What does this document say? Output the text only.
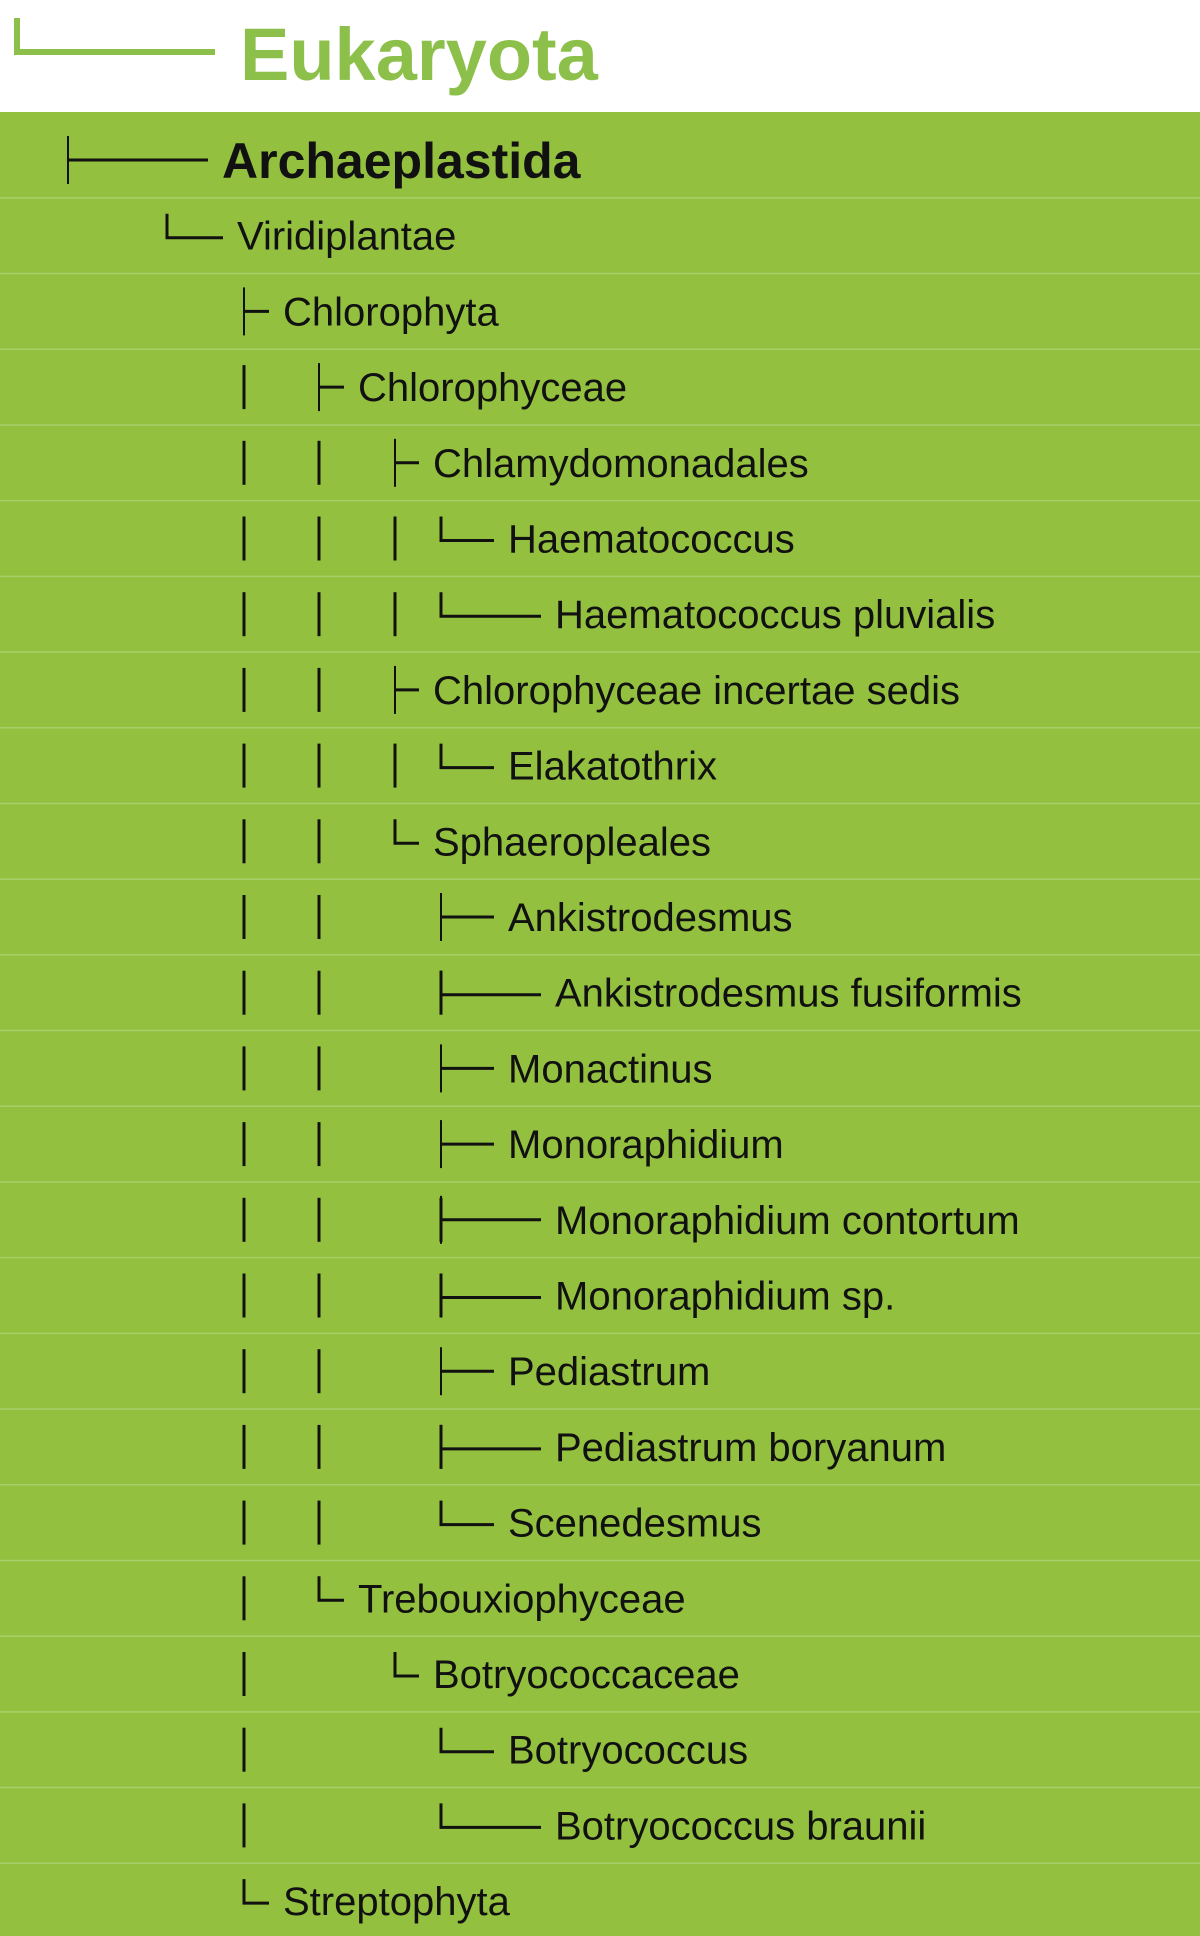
Eukaryota
Archaeplastida
Viridiplantae
Chlorophyta
Chlorophyceae
Chlamydomonadales
Haematococcus
Haematococcus pluvialis
Chlorophyceae incertae sedis
Elakatothrix
Sphaeropleales
Ankistrodesmus
Ankistrodesmus fusiformis
Monactinus
Monoraphidium
Monoraphidium contortum
Monoraphidium sp.
Pediastrum
Pediastrum boryanum
Scenedesmus
Trebouxiophyceae
Botryococcaceae
Botryococcus
Botryococcus braunii
Streptophyta
